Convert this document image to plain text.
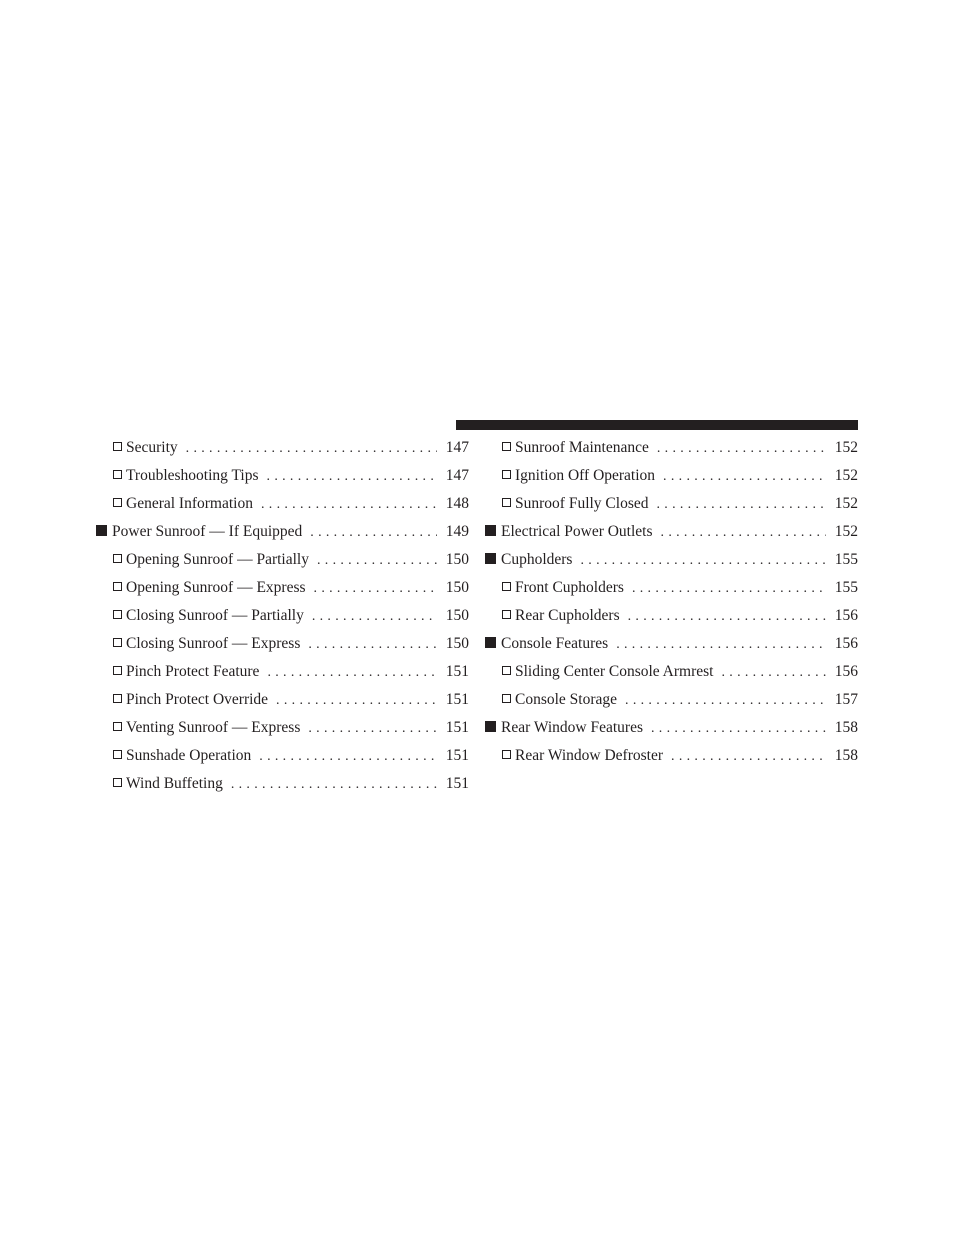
Security . . .	147
Troubleshooting Tips . . .	147
General Information . . .	148
Power Sunroof — If Equipped . . .	149
Opening Sunroof — Partially . . .	150
Opening Sunroof — Express . . .	150
Closing Sunroof — Partially . . .	150
Closing Sunroof — Express . . .	150
Pinch Protect Feature . . .	151
Pinch Protect Override . . .	151
Venting Sunroof — Express . . .	151
Sunshade Operation . . .	151
Wind Buffeting . . .	151
Sunroof Maintenance . . .	152
Ignition Off Operation . . .	152
Sunroof Fully Closed . . .	152
Electrical Power Outlets . . .	152
Cupholders . . .	155
Front Cupholders . . .	155
Rear Cupholders . . .	156
Console Features . . .	156
Sliding Center Console Armrest . . .	156
Console Storage . . .	157
Rear Window Features . . .	158
Rear Window Defroster . . .	158
